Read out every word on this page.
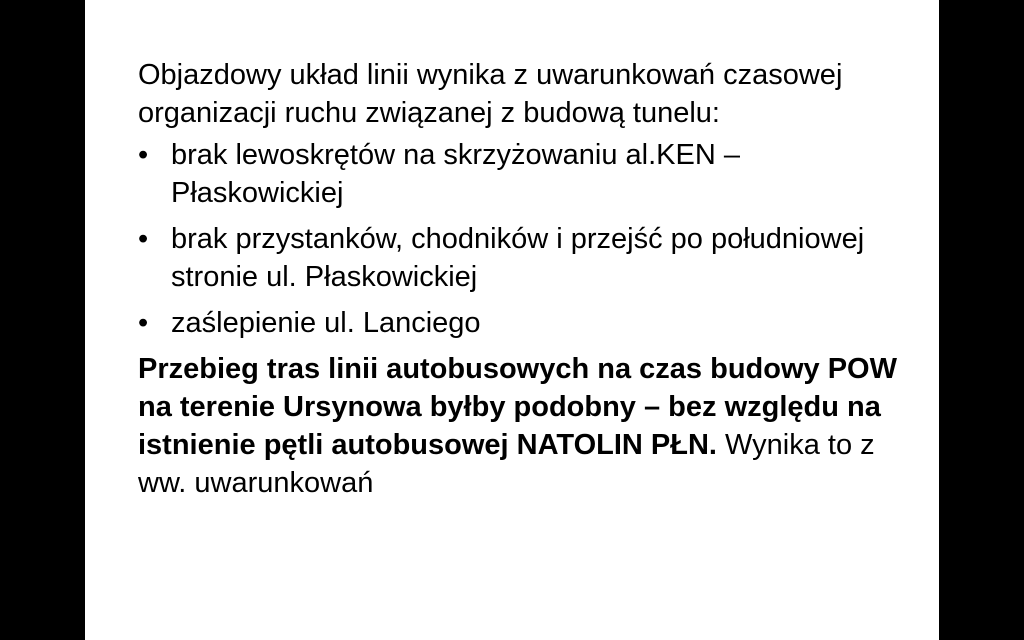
Objazdowy układ linii wynika z uwarunkowań czasowej organizacji ruchu związanej z budową tunelu:

• brak lewoskrętów na skrzyżowaniu al.KEN – Płaskowickiej
• brak przystanków, chodników i przejść po południowej stronie ul. Płaskowickiej
• zaślepienie ul. Lanciego

Przebieg tras linii autobusowych na czas budowy POW na terenie Ursynowa byłby podobny – bez względu na istnienie pętli autobusowej NATOLIN PŁN. Wynika to z ww. uwarunkowań
